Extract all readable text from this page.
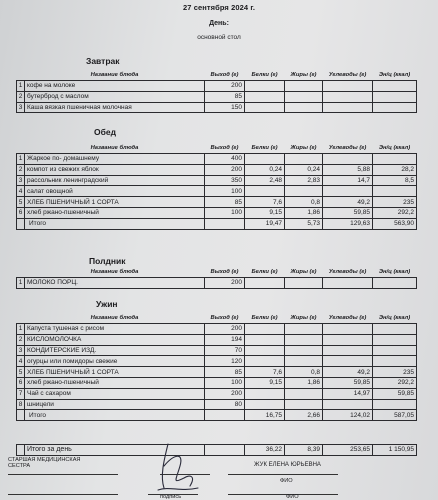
27 сентября 2024 г.
День:
основной стол
Завтрак
	Название блюда	Выход (г)	Белки (г)	Жиры (г)	Углеводы (г)	Эн/ц (ккал)
1	кофе на молоке	200				
2	бутерброд с маслом	85				
3	Каша вязкая пшеничная молочная	150				
Обед
	Название блюда	Выход (г)	Белки (г)	Жиры (г)	Углеводы (г)	Эн/ц (ккал)
1	Жаркое по- домашнему	400				
2	компот из свежих яблок	200	0,24	0,24	5,88	28,2
3	рассольник ленинградский	350	2,48	2,83	14,7	8,5
4	салат овощной	100				
5	ХЛЕБ ПШЕНИЧНЫЙ 1 СОРТА	85	7,6	0,8	49,2	235
6	хлеб ржано-пшеничный	100	9,15	1,86	59,85	292,2
	Итого		19,47	5,73	129,63	563,90
Полдник
	Название блюда	Выход (г)	Белки (г)	Жиры (г)	Углеводы (г)	Эн/ц (ккал)
1	МОЛОКО ПОРЦ.	200				
Ужин
	Название блюда	Выход (г)	Белки (г)	Жиры (г)	Углеводы (г)	Эн/ц (ккал)
1	Капуста тушеная с рисом	200				
2	КИСЛОМОЛОЧКА	194				
3	КОНДИТЕРСКИЕ ИЗД.	70				
4	огурцы или помидоры свежие	120				
5	ХЛЕБ ПШЕНИЧНЫЙ 1 СОРТА	85	7,6	0,8	49,2	235
6	хлеб ржано-пшеничный	100	9,15	1,86	59,85	292,2
7	Чай с сахаром	200			14,97	59,85
8	шницели	80				
	Итого		16,75	2,66	124,02	587,05
	Итого за день		36,22	8,39	253,65	1 150,95
СТАРШАЯ МЕДИЦИНСКАЯ
СЕСТРА	ЖУК ЕЛЕНА ЮРЬЕВНА
ФИО
подпись	ФИО
